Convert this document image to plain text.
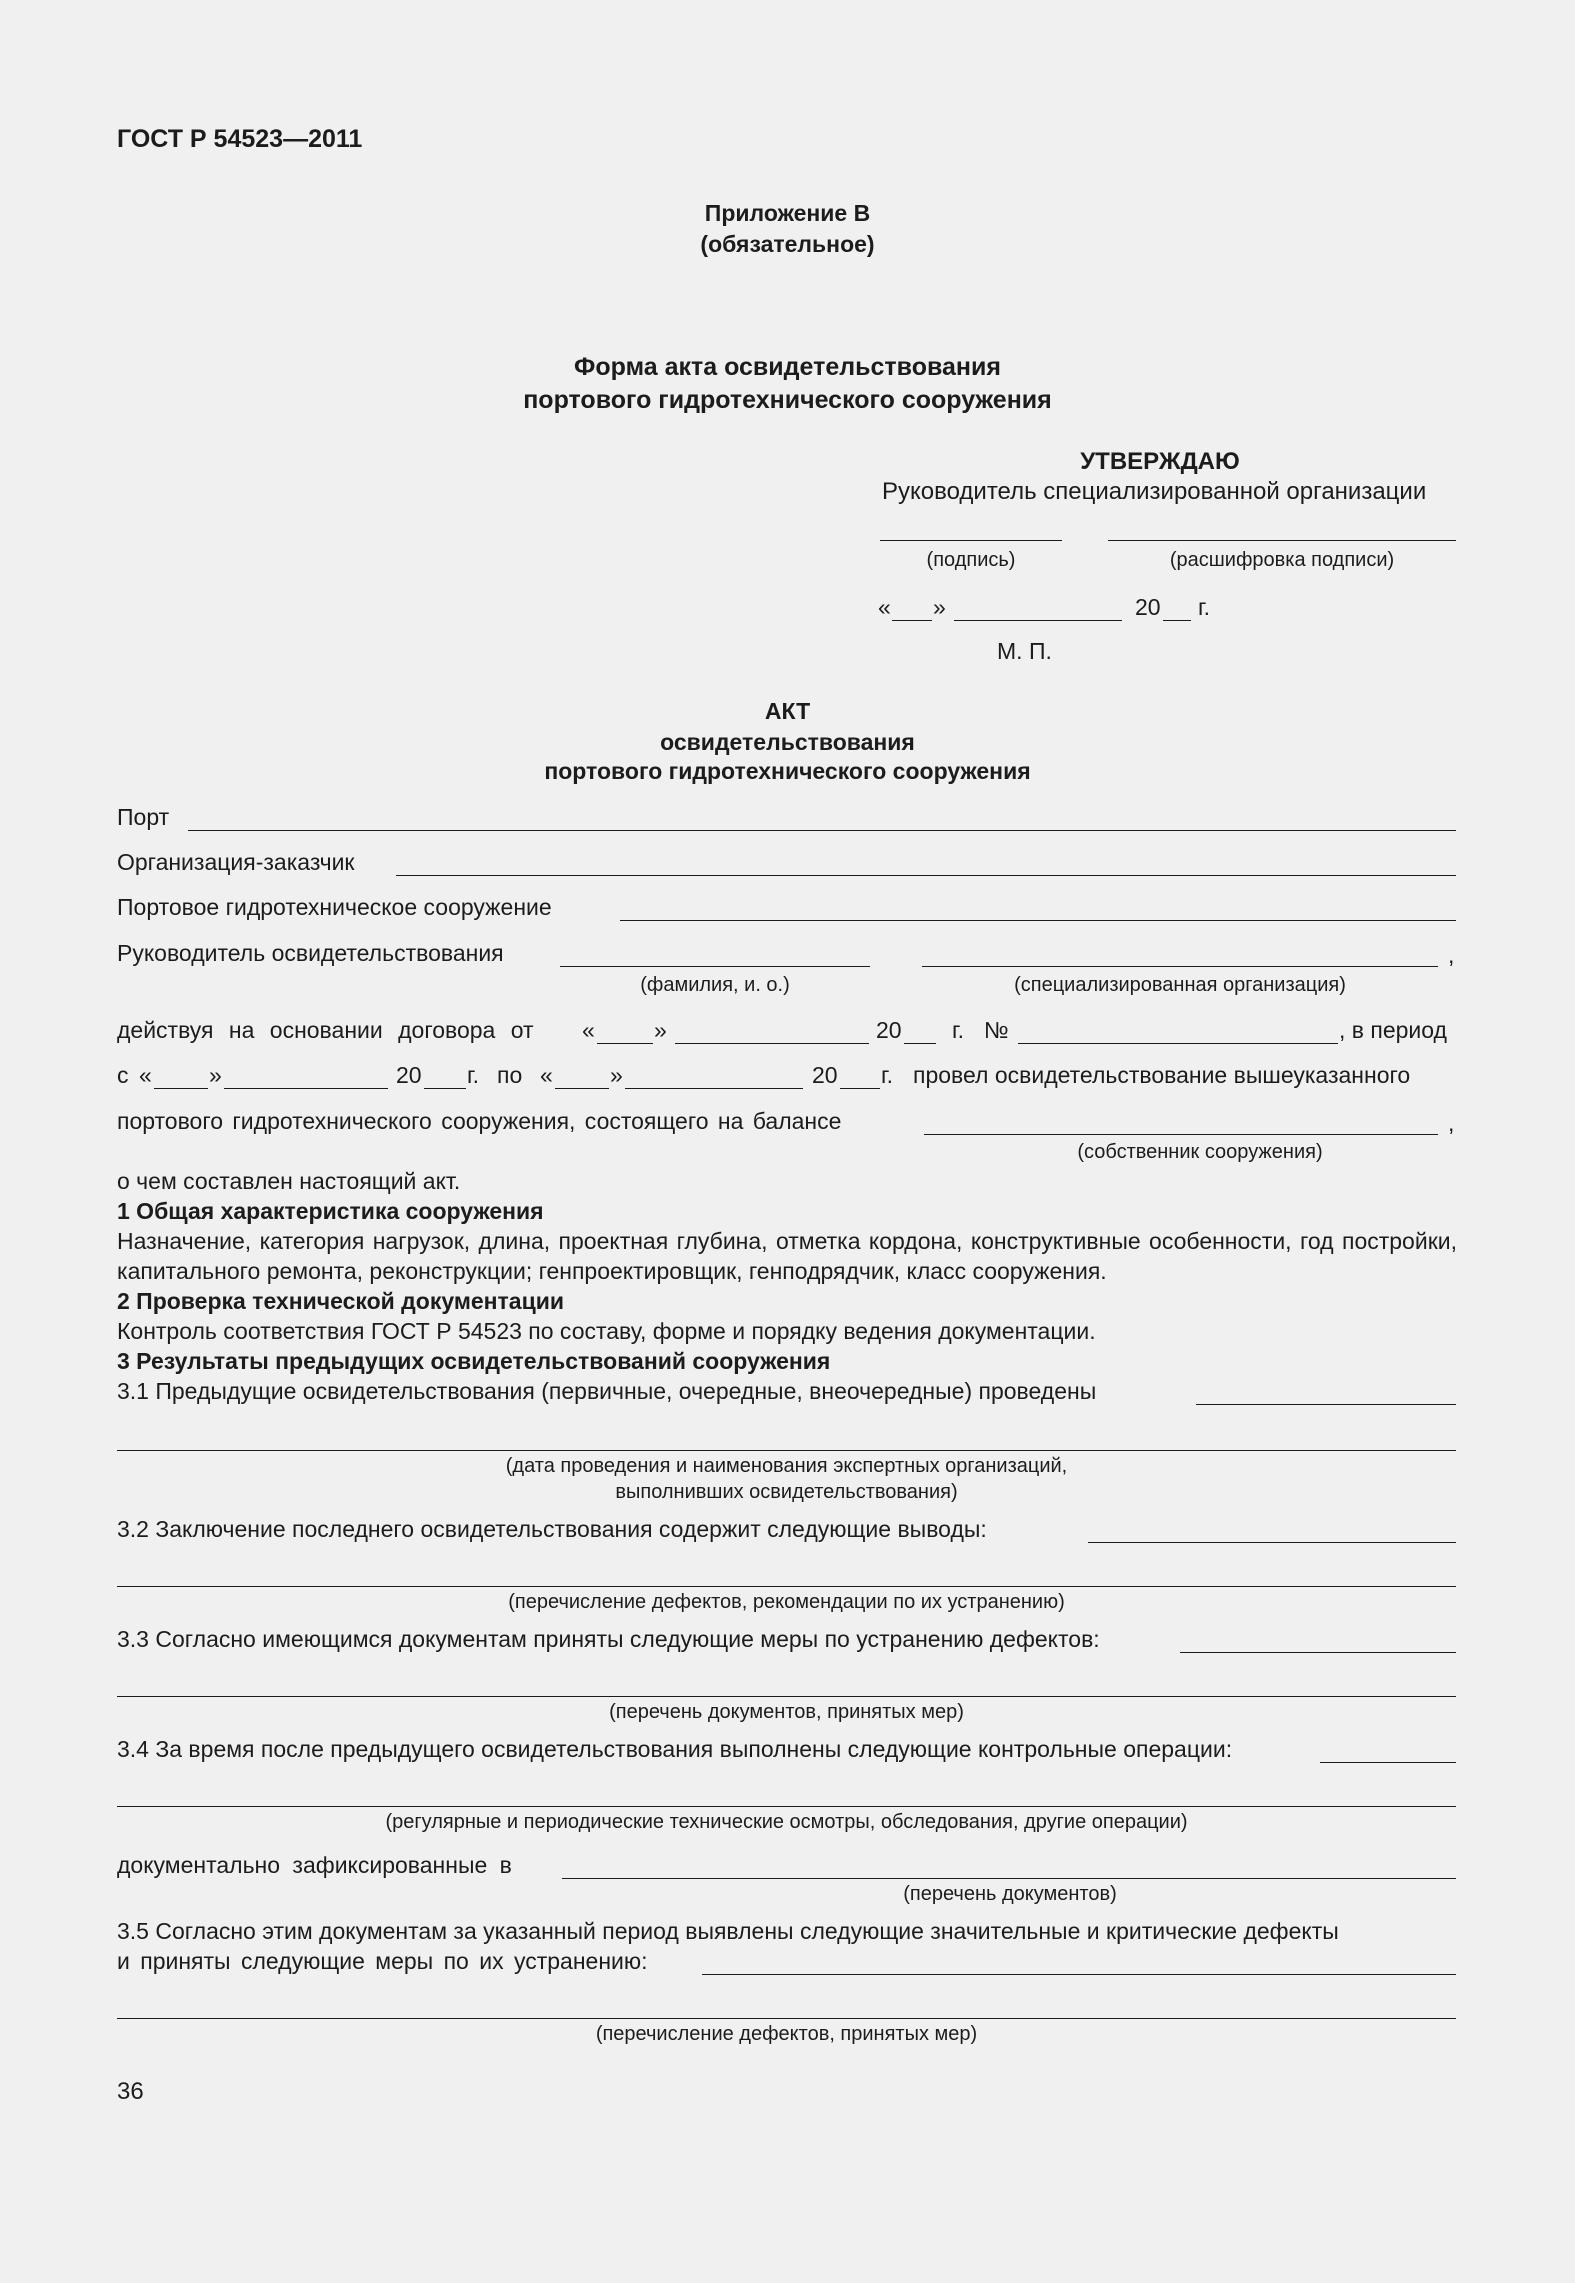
ГОСТ Р 54523—2011
Приложение В
(обязательное)
Форма акта освидетельствования
портового гидротехнического сооружения
УТВЕРЖДАЮ
Руководитель специализированной организации
(подпись)	(расшифровка подписи)
« »	20 г.
М. П.
АКТ
освидетельствования
портового гидротехнического сооружения
Порт
Организация-заказчик
Портовое гидротехническое сооружение
Руководитель освидетельствования	,
(фамилия, и. о.)	(специализированная организация)
действуя на основании договора от «	»	20 г. №	, в период
с « »	20 г. по « »	20 г. провел освидетельствование вышеуказанного
портового гидротехнического сооружения, состоящего на балансе	,
(собственник сооружения)
о чем составлен настоящий акт.
1 Общая характеристика сооружения
Назначение, категория нагрузок, длина, проектная глубина, отметка кордона, конструктивные особенности, год постройки, капитального ремонта, реконструкции; генпроектировщик, генподрядчик, класс сооружения.
2 Проверка технической документации
Контроль соответствия ГОСТ Р 54523 по составу, форме и порядку ведения документации.
3 Результаты предыдущих освидетельствований сооружения
3.1 Предыдущие освидетельствования (первичные, очередные, внеочередные) проведены
(дата проведения и наименования экспертных организаций,
выполнивших освидетельствования)
3.2 Заключение последнего освидетельствования содержит следующие выводы:
(перечисление дефектов, рекомендации по их устранению)
3.3 Согласно имеющимся документам приняты следующие меры по устранению дефектов:
(перечень документов, принятых мер)
3.4 За время после предыдущего освидетельствования выполнены следующие контрольные операции:
(регулярные и периодические технические осмотры, обследования, другие операции)
документально зафиксированные в
(перечень документов)
3.5 Согласно этим документам за указанный период выявлены следующие значительные и критические дефекты
и приняты следующие меры по их устранению:
(перечисление дефектов, принятых мер)
36
